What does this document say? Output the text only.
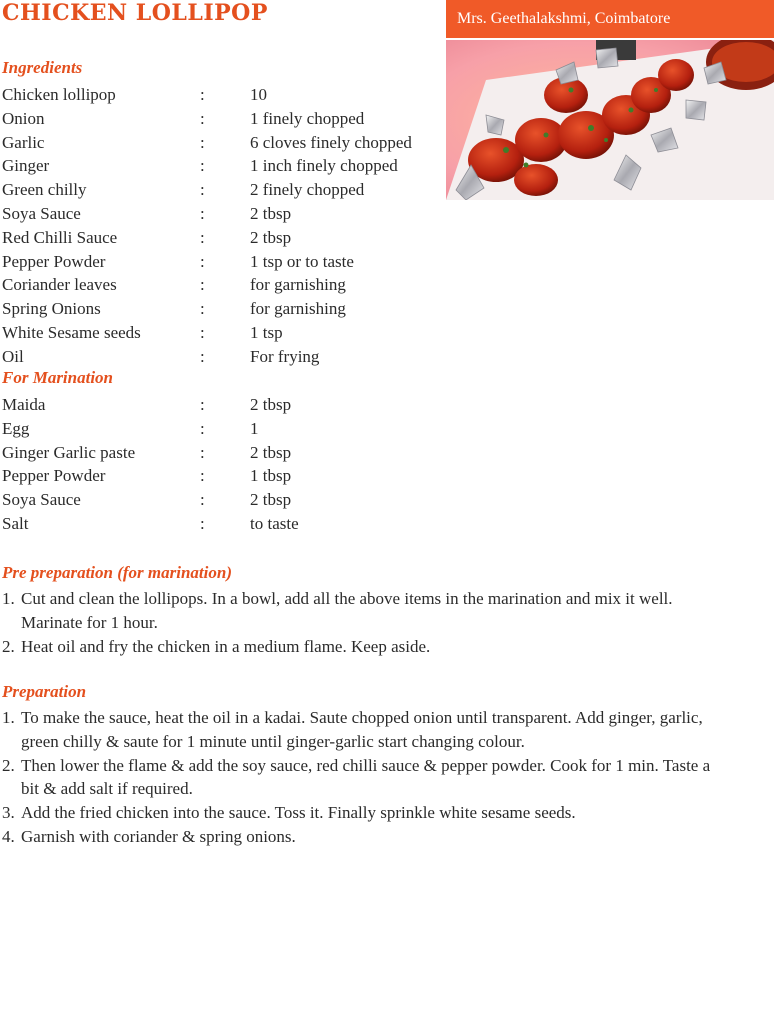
CHICKEN LOLLIPOP	Mrs. Geethalakshmi, Coimbatore
Ingredients
Chicken lollipop	:	10
Onion	:	1 finely chopped
Garlic	:	6 cloves finely chopped
Ginger	:	1 inch finely chopped
Green chilly	:	2 finely chopped
Soya Sauce	:	2 tbsp
Red Chilli Sauce	:	2 tbsp
Pepper Powder	:	1 tsp or to taste
Coriander leaves	:	for garnishing
Spring Onions	:	for garnishing
White Sesame seeds	:	1 tsp
Oil	:	For frying
For Marination
Maida	:	2 tbsp
Egg	:	1
Ginger Garlic paste	:	2 tbsp
Pepper Powder	:	1 tbsp
Soya Sauce	:	2 tbsp
Salt	:	to taste
Pre preparation (for marination)
1. Cut and clean the lollipops. In a bowl, add all the above items in the marination and mix it well. Marinate for 1 hour.
2. Heat oil and fry the chicken in a medium flame. Keep aside.
Preparation
1. To make the sauce, heat the oil in a kadai. Saute chopped onion until transparent. Add ginger, garlic, green chilly & saute for 1 minute until ginger-garlic start changing colour.
2. Then lower the flame & add the soy sauce, red chilli sauce & pepper powder. Cook for 1 min. Taste a bit & add salt if required.
3. Add the fried chicken into the sauce. Toss it. Finally sprinkle white sesame seeds.
4. Garnish with coriander & spring onions.
